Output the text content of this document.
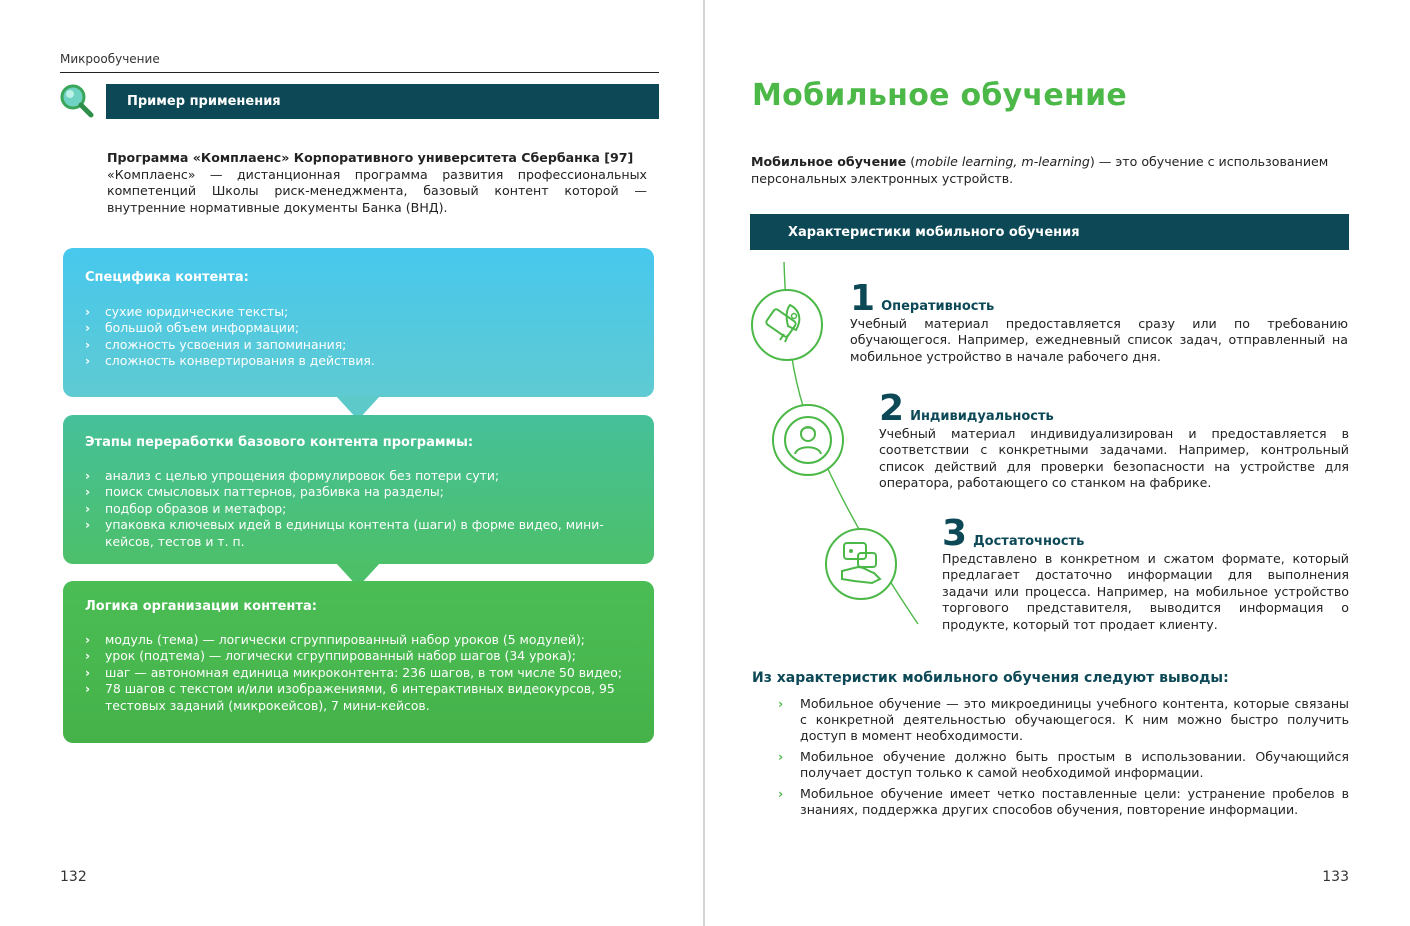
Микрообучение
Пример применения
Программа «Комплаенс» Корпоративного университета Сбербанка [97]
«Комплаенс» — дистанционная программа развития профессиональных компетенций Школы риск-менеджмента, базовый контент которой — внутренние нормативные документы Банка (ВНД).
Специфика контента:
› сухие юридические тексты;
› большой объем информации;
› сложность усвоения и запоминания;
› сложность конвертирования в действия.
Этапы переработки базового контента программы:
› анализ с целью упрощения формулировок без потери сути;
› поиск смысловых паттернов, разбивка на разделы;
› подбор образов и метафор;
› упаковка ключевых идей в единицы контента (шаги) в форме видео, мини-кейсов, тестов и т. п.
Логика организации контента:
› модуль (тема) — логически сгруппированный набор уроков (5 модулей);
› урок (подтема) — логически сгруппированный набор шагов (34 урока);
› шаг — автономная единица микроконтента: 236 шагов, в том числе 50 видео;
› 78 шагов с текстом и/или изображениями, 6 интерактивных видеокурсов, 95 тестовых заданий (микрокейсов), 7 мини-кейсов.
132
Мобильное обучение
Мобильное обучение (mobile learning, m-learning) — это обучение с использованием персональных электронных устройств.
Характеристики мобильного обучения
1 Оперативность
Учебный материал предоставляется сразу или по требованию обучающегося. Например, ежедневный список задач, отправленный на мобильное устройство в начале рабочего дня.
2 Индивидуальность
Учебный материал индивидуализирован и предоставляется в соответствии с конкретными задачами. Например, контрольный список действий для проверки безопасности на устройстве для оператора, работающего со станком на фабрике.
3 Достаточность
Представлено в конкретном и сжатом формате, который предлагает достаточно информации для выполнения задачи или процесса. Например, на мобильное устройство торгового представителя, выводится информация о продукте, который тот продает клиенту.
Из характеристик мобильного обучения следуют выводы:
› Мобильное обучение — это микроединицы учебного контента, которые связаны с конкретной деятельностью обучающегося. К ним можно быстро получить доступ в момент необходимости.
› Мобильное обучение должно быть простым в использовании. Обучающийся получает доступ только к самой необходимой информации.
› Мобильное обучение имеет четко поставленные цели: устранение пробелов в знаниях, поддержка других способов обучения, повторение информации.
133
